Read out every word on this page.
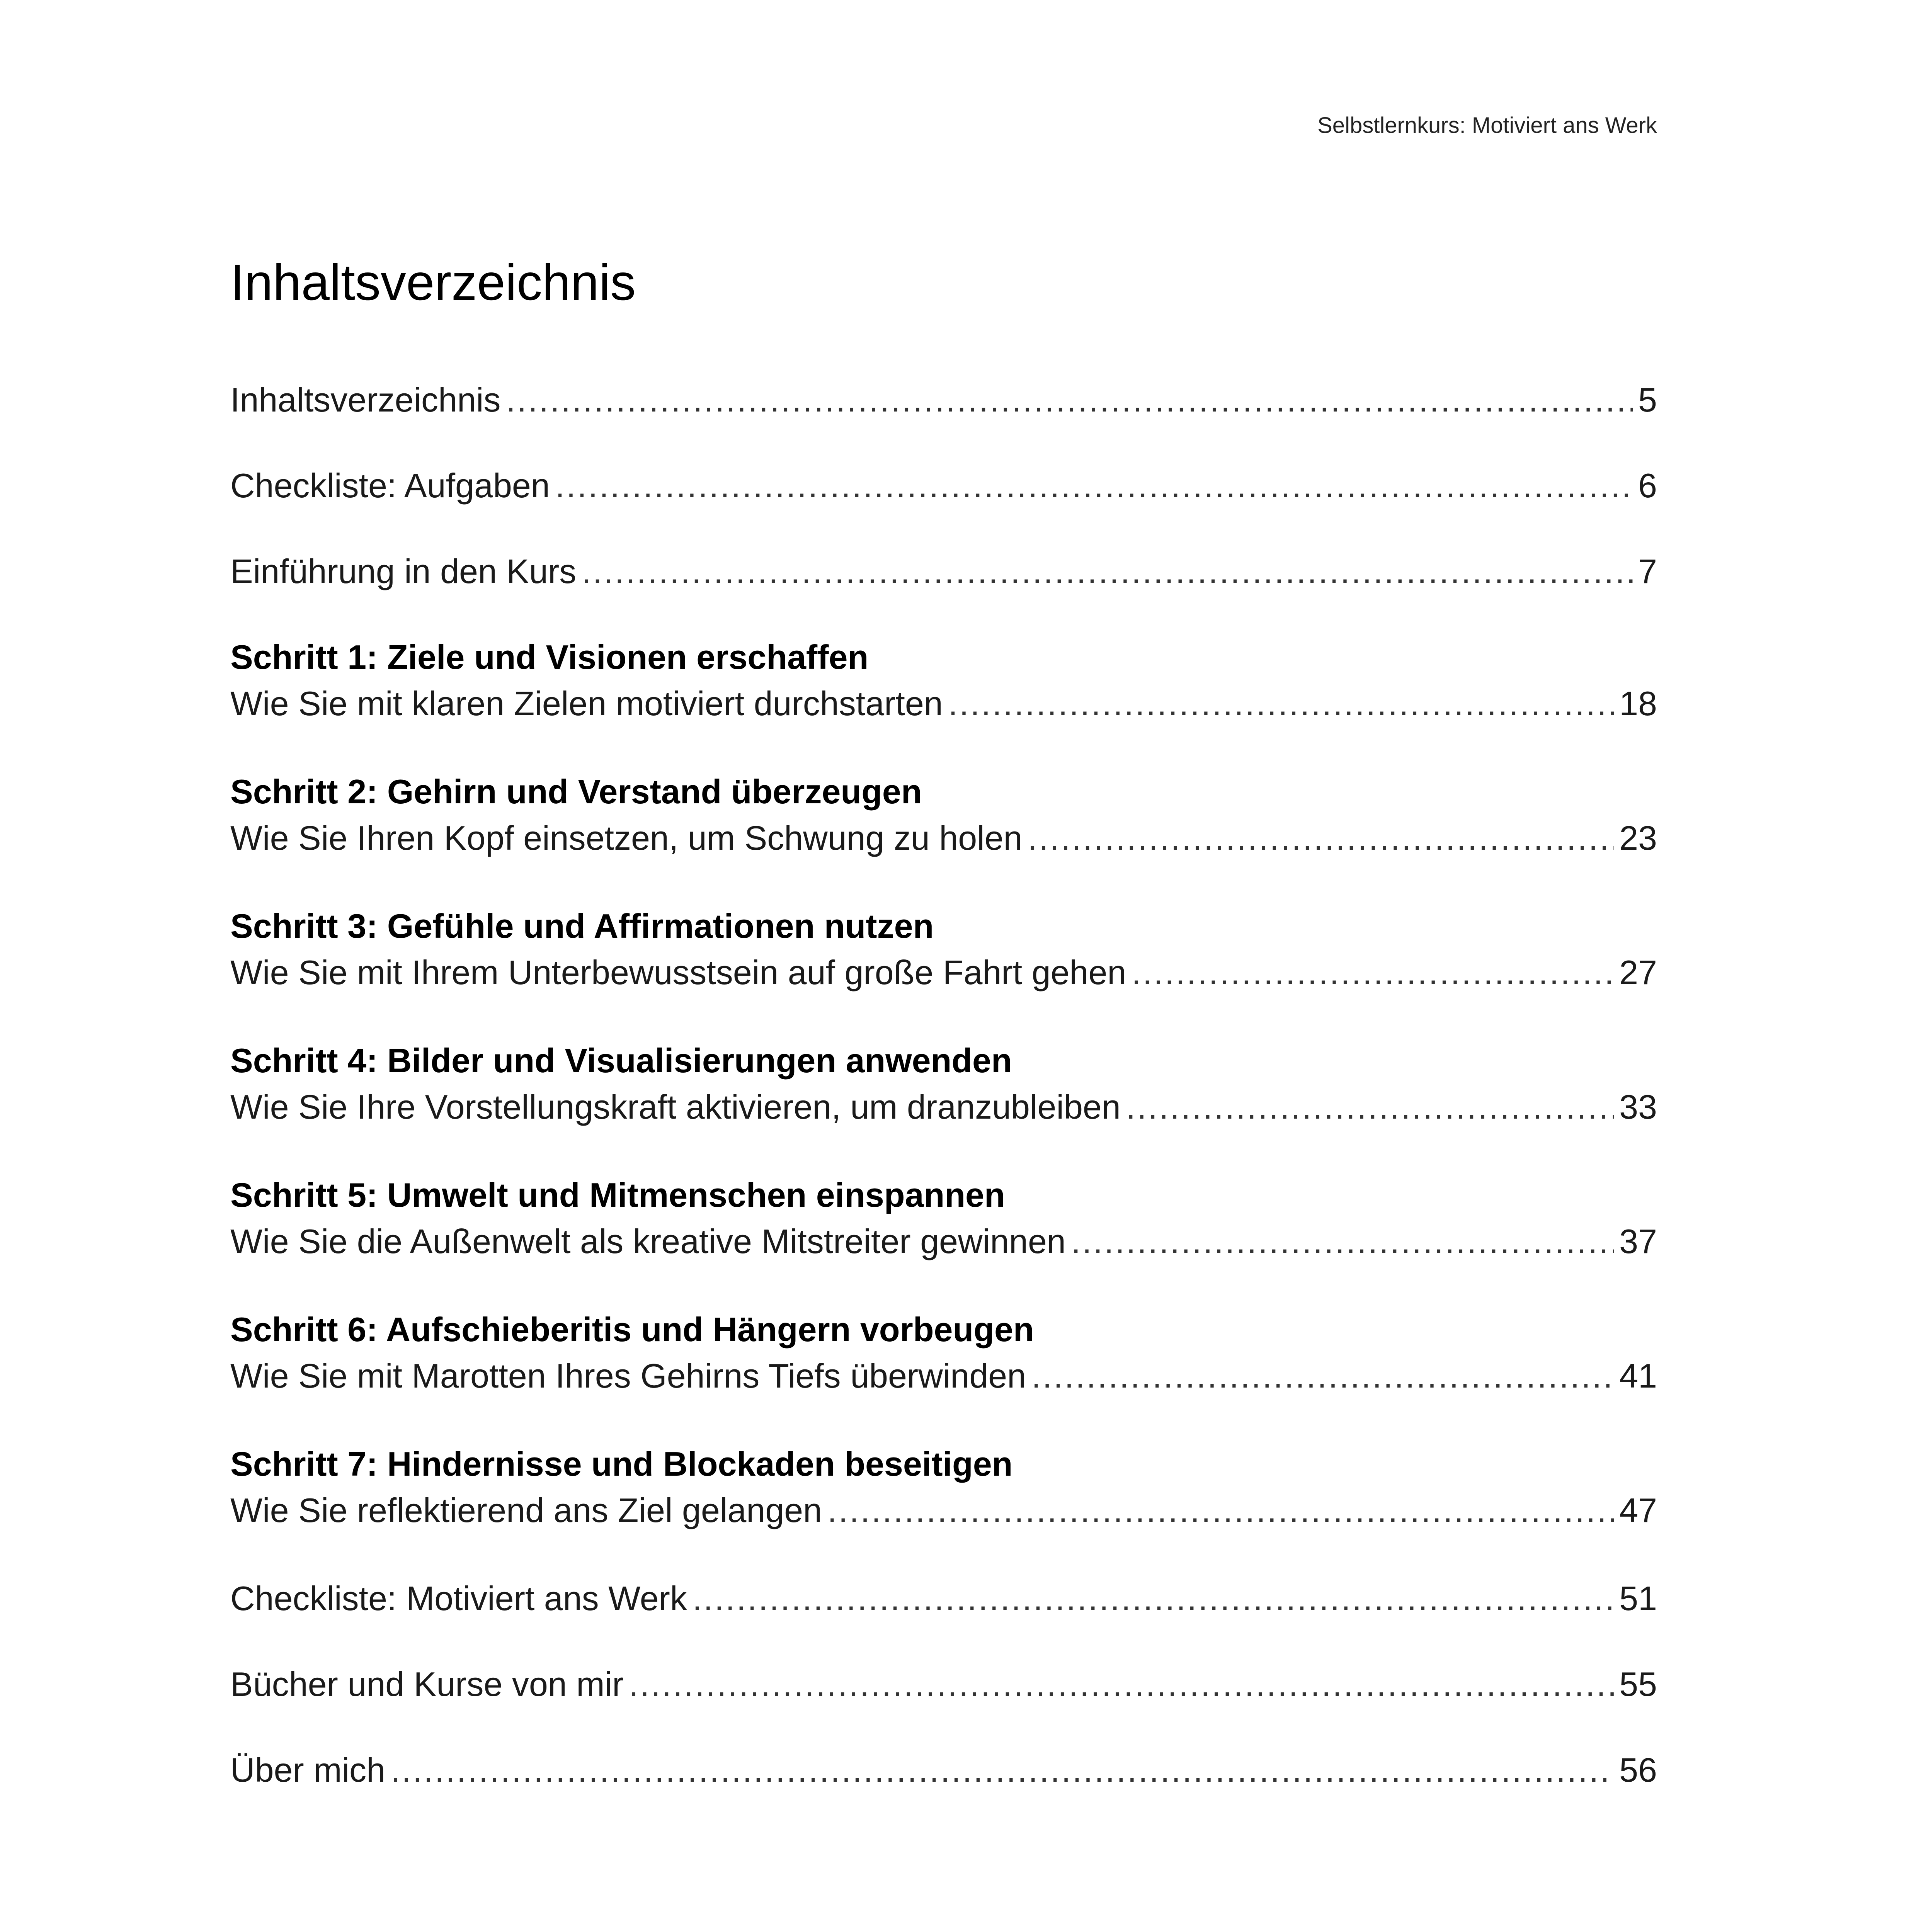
Selbstlernkurs: Motiviert ans Werk
Inhaltsverzeichnis
Inhaltsverzeichnis .....	5
Checkliste: Aufgaben .....	6
Einführung in den Kurs .....	7
Schritt 1: Ziele und Visionen erschaffen
Wie Sie mit klaren Zielen motiviert durchstarten .....	18
Schritt 2: Gehirn und Verstand überzeugen
Wie Sie Ihren Kopf einsetzen, um Schwung zu holen .....	23
Schritt 3: Gefühle und Affirmationen nutzen
Wie Sie mit Ihrem Unterbewusstsein auf große Fahrt gehen .....	27
Schritt 4: Bilder und Visualisierungen anwenden
Wie Sie Ihre Vorstellungskraft aktivieren, um dranzubleiben .....	33
Schritt 5: Umwelt und Mitmenschen einspannen
Wie Sie die Außenwelt als kreative Mitstreiter gewinnen .....	37
Schritt 6: Aufschieberitis und Hängern vorbeugen
Wie Sie mit Marotten Ihres Gehirns Tiefs überwinden .....	41
Schritt 7: Hindernisse und Blockaden beseitigen
Wie Sie reflektierend ans Ziel gelangen .....	47
Checkliste: Motiviert ans Werk .....	51
Bücher und Kurse von mir .....	55
Über mich .....	56
